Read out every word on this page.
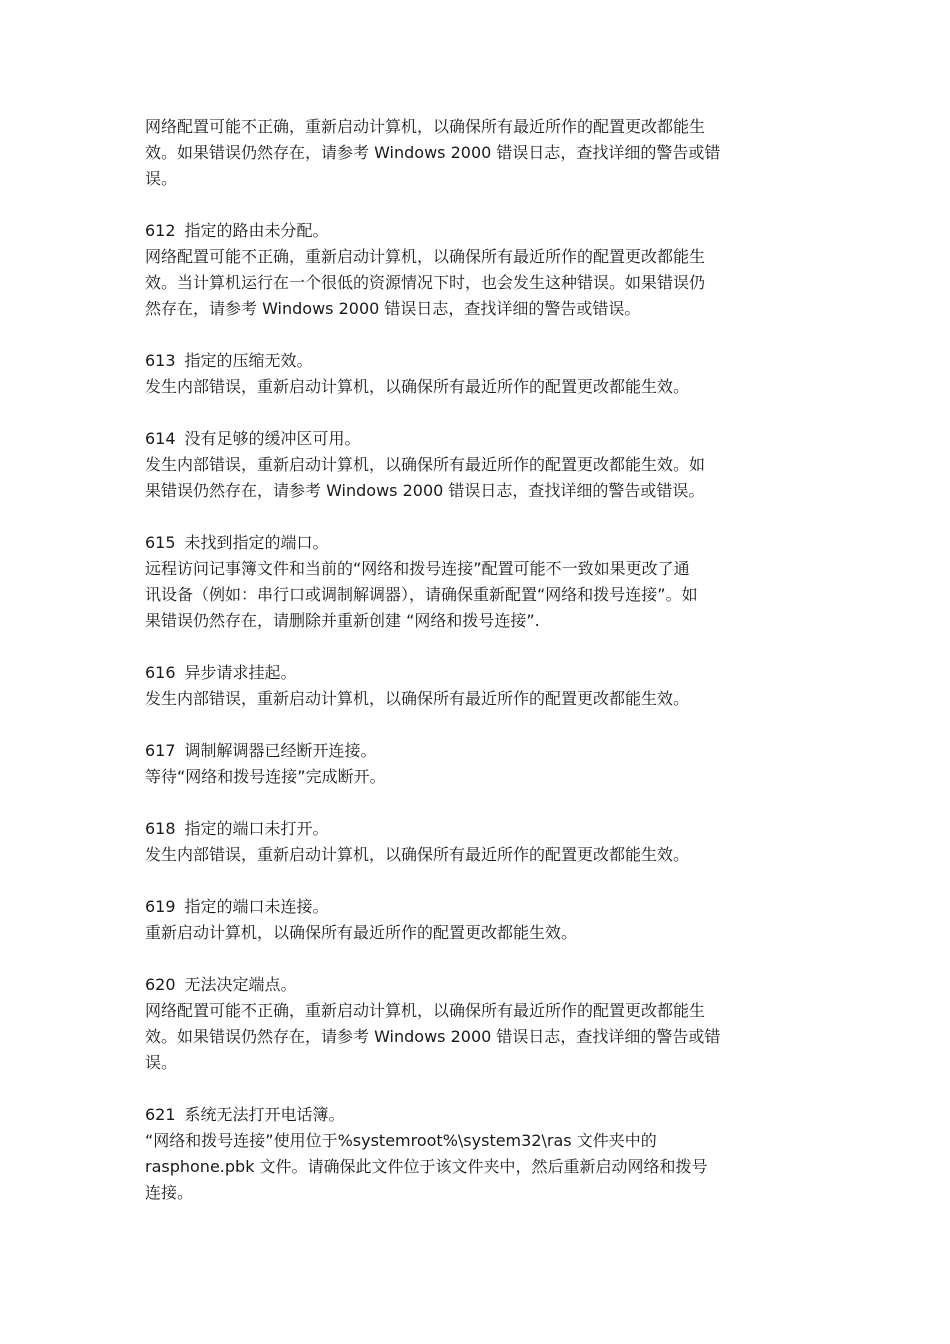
网络配置可能不正确，重新启动计算机，以确保所有最近所作的配置更改都能生
效。如果错误仍然存在，请参考 Windows 2000 错误日志，查找详细的警告或错
误。
612 指定的路由未分配。
网络配置可能不正确，重新启动计算机，以确保所有最近所作的配置更改都能生
效。当计算机运行在一个很低的资源情况下时，也会发生这种错误。如果错误仍
然存在，请参考 Windows 2000 错误日志，查找详细的警告或错误。
613 指定的压缩无效。
发生内部错误，重新启动计算机，以确保所有最近所作的配置更改都能生效。
614 没有足够的缓冲区可用。
发生内部错误，重新启动计算机，以确保所有最近所作的配置更改都能生效。如
果错误仍然存在，请参考 Windows 2000 错误日志，查找详细的警告或错误。
615 未找到指定的端口。
远程访问记事簿文件和当前的“网络和拨号连接”配置可能不一致如果更改了通
讯设备（例如：串行口或调制解调器），请确保重新配置“网络和拨号连接”。如
果错误仍然存在，请删除并重新创建 “网络和拨号连接”.
616 异步请求挂起。
发生内部错误，重新启动计算机，以确保所有最近所作的配置更改都能生效。
617 调制解调器已经断开连接。
等待“网络和拨号连接”完成断开。
618 指定的端口未打开。
发生内部错误，重新启动计算机，以确保所有最近所作的配置更改都能生效。
619 指定的端口未连接。
重新启动计算机，以确保所有最近所作的配置更改都能生效。
620 无法决定端点。
网络配置可能不正确，重新启动计算机，以确保所有最近所作的配置更改都能生
效。如果错误仍然存在，请参考 Windows 2000 错误日志，查找详细的警告或错
误。
621 系统无法打开电话簿。
“网络和拨号连接”使用位于%systemroot%\system32\ras 文件夹中的
rasphone.pbk 文件。请确保此文件位于该文件夹中，然后重新启动网络和拨号
连接。
